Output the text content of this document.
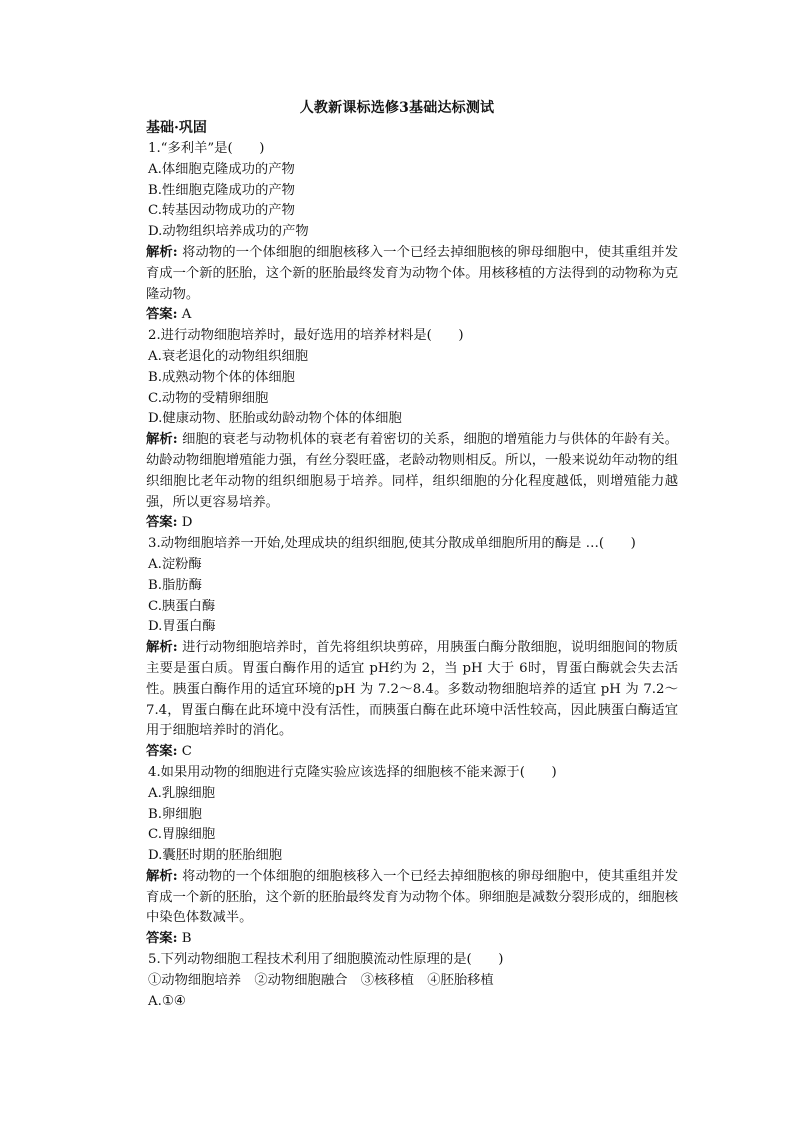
人教新课标选修3基础达标测试
基础·巩固
1.“多利羊”是(　　)
A.体细胞克隆成功的产物
B.性细胞克隆成功的产物
C.转基因动物成功的产物
D.动物组织培养成功的产物
解析: 将动物的一个体细胞的细胞核移入一个已经去掉细胞核的卵母细胞中，使其重组并发育成一个新的胚胎，这个新的胚胎最终发育为动物个体。用核移植的方法得到的动物称为克隆动物。
答案: A
2.进行动物细胞培养时，最好选用的培养材料是(　　)
A.衰老退化的动物组织细胞
B.成熟动物个体的体细胞
C.动物的受精卵细胞
D.健康动物、胚胎或幼龄动物个体的体细胞
解析: 细胞的衰老与动物机体的衰老有着密切的关系，细胞的增殖能力与供体的年龄有关。幼龄动物细胞增殖能力强，有丝分裂旺盛，老龄动物则相反。所以，一般来说幼年动物的组织细胞比老年动物的组织细胞易于培养。同样，组织细胞的分化程度越低，则增殖能力越强，所以更容易培养。
答案: D
3.动物细胞培养一开始,处理成块的组织细胞,使其分散成单细胞所用的酶是 …(　　)
A.淀粉酶
B.脂肪酶
C.胰蛋白酶
D.胃蛋白酶
解析: 进行动物细胞培养时，首先将组织块剪碎，用胰蛋白酶分散细胞，说明细胞间的物质主要是蛋白质。胃蛋白酶作用的适宜 pH约为 2，当 pH 大于 6时，胃蛋白酶就会失去活性。胰蛋白酶作用的适宜环境的pH 为 7.2～8.4。多数动物细胞培养的适宜 pH 为 7.2～7.4，胃蛋白酶在此环境中没有活性，而胰蛋白酶在此环境中活性较高，因此胰蛋白酶适宜用于细胞培养时的消化。
答案: C
4.如果用动物的细胞进行克隆实验应该选择的细胞核不能来源于(　　)
A.乳腺细胞
B.卵细胞
C.胃腺细胞
D.囊胚时期的胚胎细胞
解析: 将动物的一个体细胞的细胞核移入一个已经去掉细胞核的卵母细胞中，使其重组并发育成一个新的胚胎，这个新的胚胎最终发育为动物个体。卵细胞是减数分裂形成的，细胞核中染色体数减半。
答案: B
5.下列动物细胞工程技术利用了细胞膜流动性原理的是(　　)
①动物细胞培养　②动物细胞融合　③核移植　④胚胎移植
A.①④
